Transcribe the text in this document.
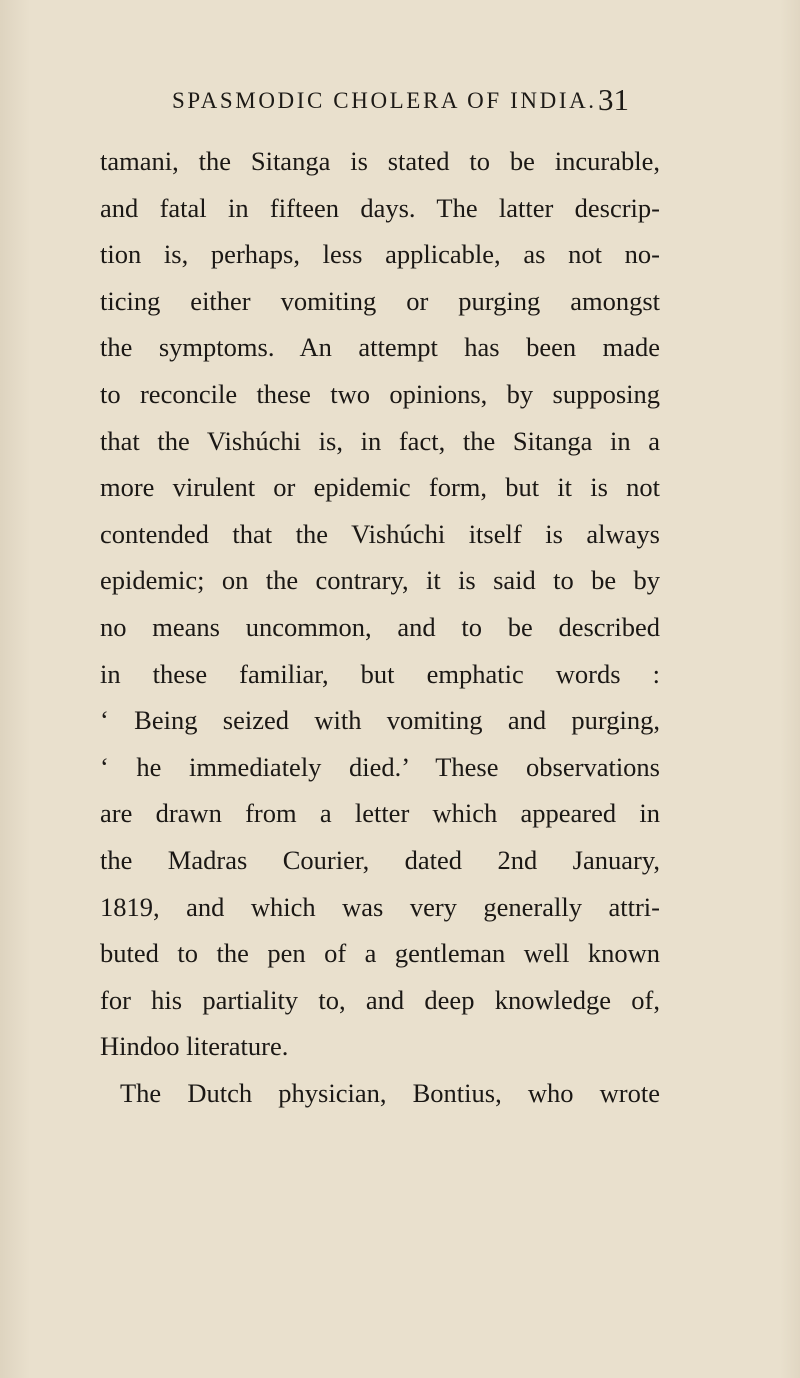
SPASMODIC CHOLERA OF INDIA. 31
tamani, the Sitanga is stated to be incurable,
and fatal in fifteen days. The latter descrip-
tion is, perhaps, less applicable, as not no-
ticing either vomiting or purging amongst
the symptoms. An attempt has been made
to reconcile these two opinions, by supposing
that the Vishúchi is, in fact, the Sitanga in a
more virulent or epidemic form, but it is not
contended that the Vishúchi itself is always
epidemic; on the contrary, it is said to be by
no means uncommon, and to be described
in these familiar, but emphatic words :
‘ Being seized with vomiting and purging,
‘ he immediately died.’ These observations
are drawn from a letter which appeared in
the Madras Courier, dated 2nd January,
1819, and which was very generally attri-
buted to the pen of a gentleman well known
for his partiality to, and deep knowledge of,
Hindoo literature.
The Dutch physician, Bontius, who wrote
